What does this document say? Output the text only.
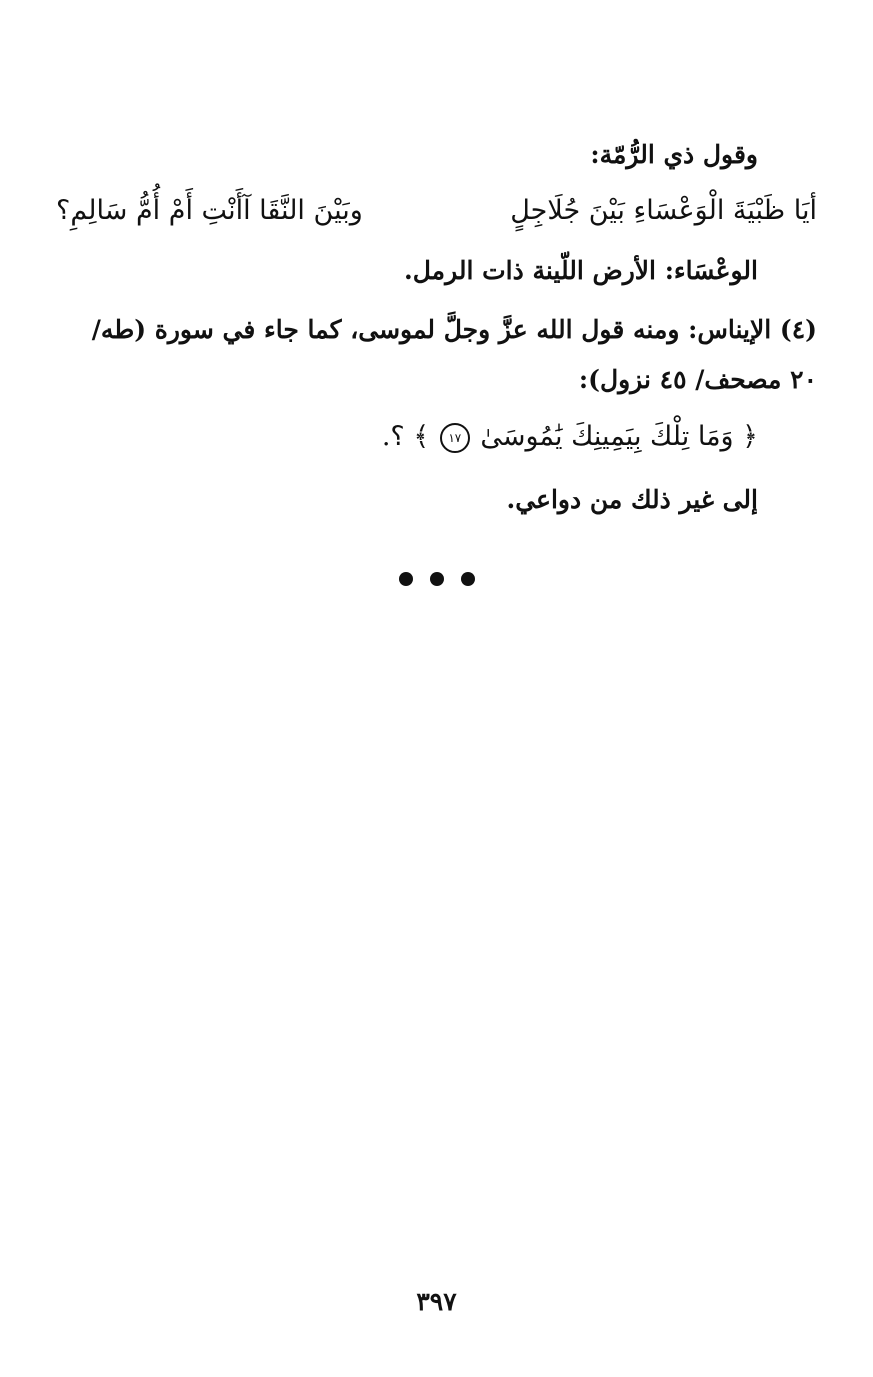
وقول ذي الرُّمّة:
أيَا ظَبْيَةَ الْوَعْسَاءِ بَيْنَ جُلَاجِلٍ
وبَيْنَ النَّقَا آأَنْتِ أَمْ أُمُّ سَالِمِ؟
الوعْسَاء: الأرض اللّينة ذات الرمل.
(٤) الإيناس: ومنه قول الله عزَّ وجلَّ لموسى، كما جاء في سورة (طه/
٢٠ مصحف/ ٤٥ نزول):
﴿ وَمَا تِلْكَ بِيَمِينِكَ يَٰمُوسَىٰ ١٧ ﴾ ؟.
إلى غير ذلك من دواعي.
٣٩٧
